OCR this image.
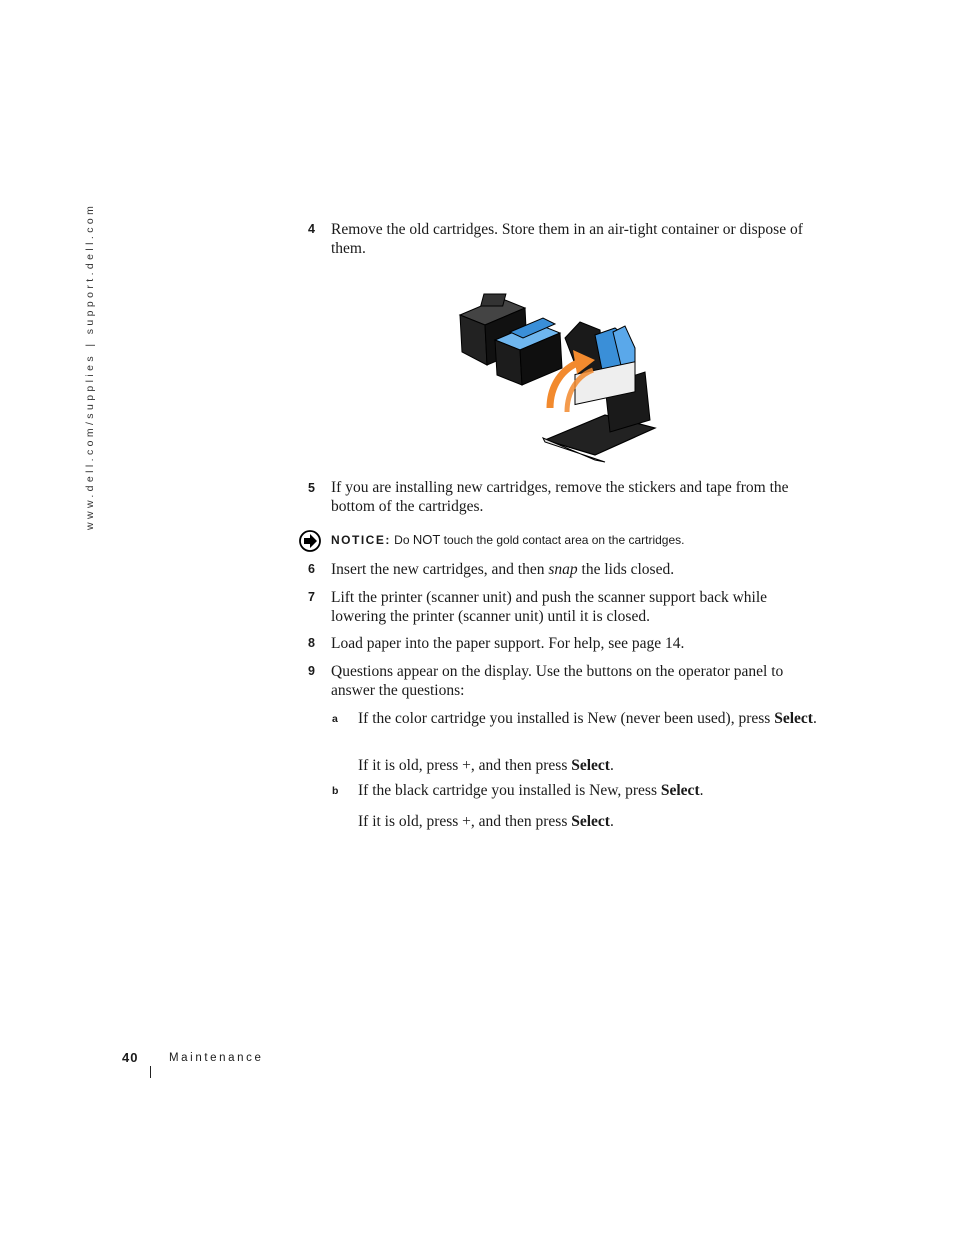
www.dell.com/supplies | support.dell.com	4 Remove the old cartridges. Store them in an air-tight container or dispose of them.
5 If you are installing new cartridges, remove the stickers and tape from the bottom of the cartridges.
NOTICE: Do NOT touch the gold contact area on the cartridges.
6 Insert the new cartridges, and then snap the lids closed.
7 Lift the printer (scanner unit) and push the scanner support back while lowering the printer (scanner unit) until it is closed.
8 Load paper into the paper support. For help, see page 14.
9 Questions appear on the display. Use the buttons on the operator panel to answer the questions:
a If the color cartridge you installed is New (never been used), press Select.
If it is old, press +, and then press Select.
b If the black cartridge you installed is New, press Select.
If it is old, press +, and then press Select.
40	Maintenance
